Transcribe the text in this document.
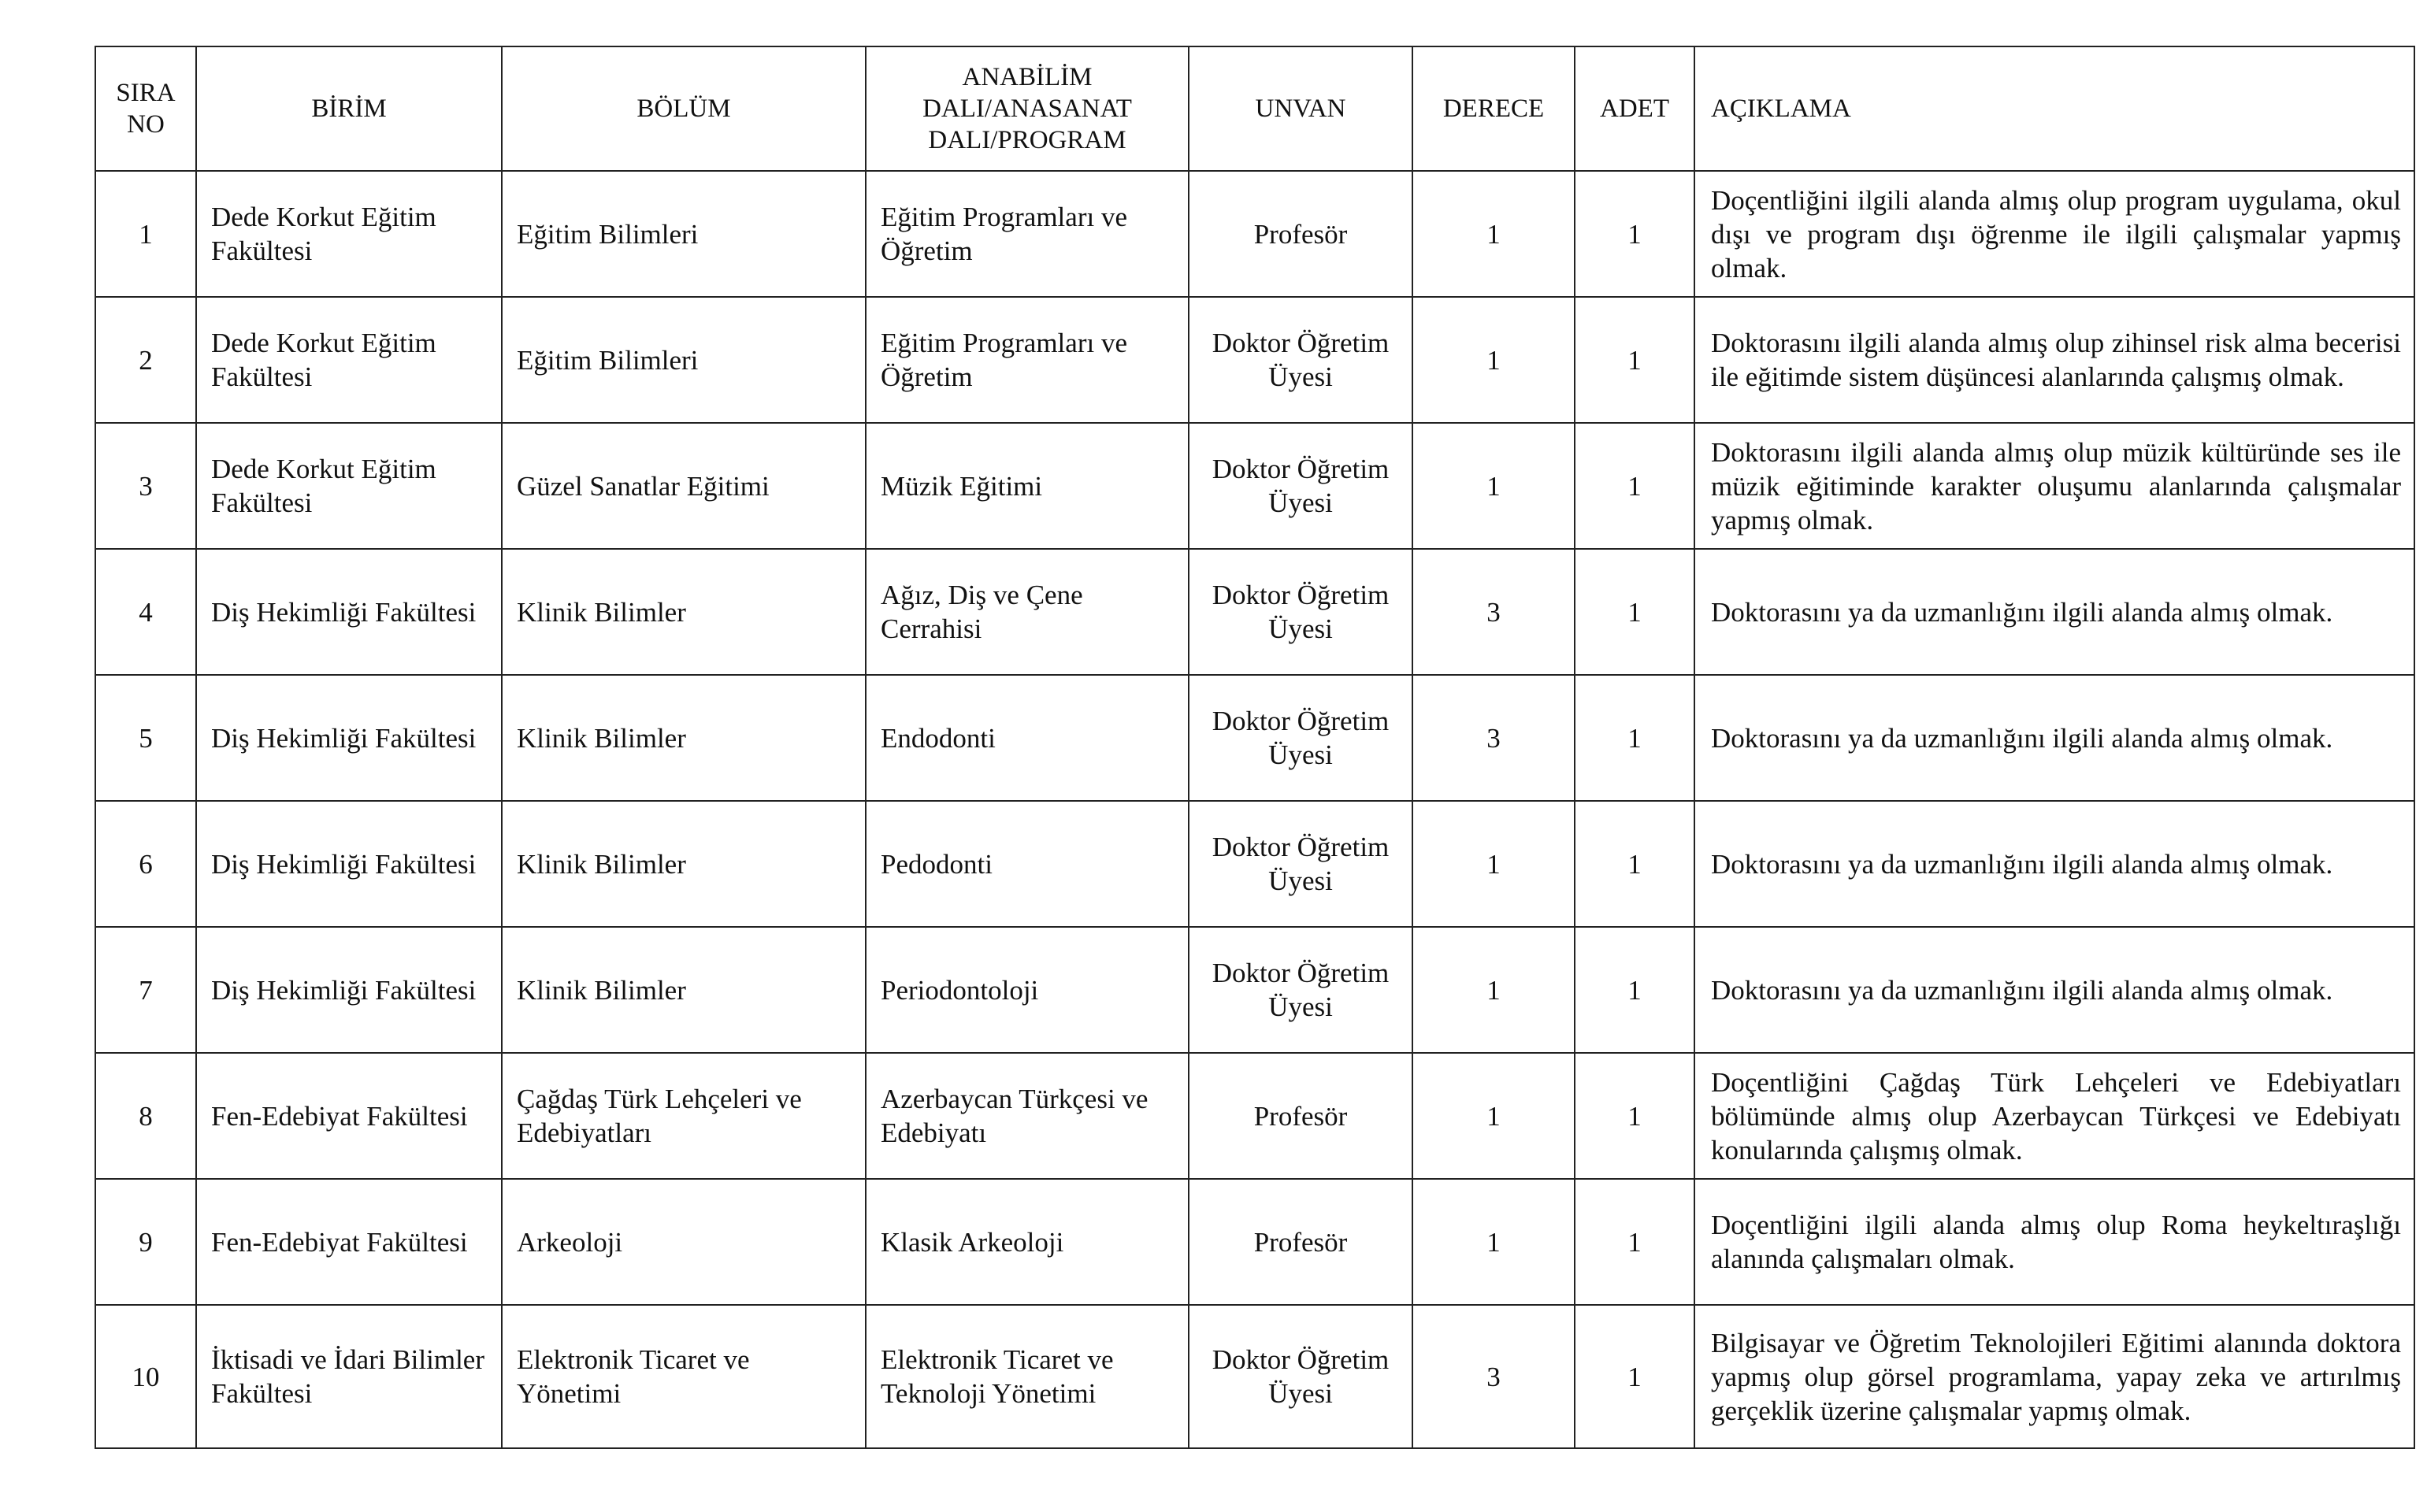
SIRA
NO	BİRİM	BÖLÜM	ANABİLİM
DALI/ANASANAT
DALI/PROGRAM	UNVAN	DERECE	ADET	AÇIKLAMA
1	Dede Korkut Eğitim Fakültesi	Eğitim Bilimleri	Eğitim Programları ve Öğretim	Profesör	1	1	Doçentliğini ilgili alanda almış olup program uygulama, okul dışı ve program dışı öğrenme ile ilgili çalışmalar yapmış olmak.
2	Dede Korkut Eğitim Fakültesi	Eğitim Bilimleri	Eğitim Programları ve Öğretim	Doktor Öğretim Üyesi	1	1	Doktorasını ilgili alanda almış olup zihinsel risk alma becerisi ile eğitimde sistem düşüncesi alanlarında çalışmış olmak.
3	Dede Korkut Eğitim Fakültesi	Güzel Sanatlar Eğitimi	Müzik Eğitimi	Doktor Öğretim Üyesi	1	1	Doktorasını ilgili alanda almış olup müzik kültüründe ses ile müzik eğitiminde karakter oluşumu alanlarında çalışmalar yapmış olmak.
4	Diş Hekimliği Fakültesi	Klinik Bilimler	Ağız, Diş ve Çene Cerrahisi	Doktor Öğretim Üyesi	3	1	Doktorasını ya da uzmanlığını ilgili alanda almış olmak.
5	Diş Hekimliği Fakültesi	Klinik Bilimler	Endodonti	Doktor Öğretim Üyesi	3	1	Doktorasını ya da uzmanlığını ilgili alanda almış olmak.
6	Diş Hekimliği Fakültesi	Klinik Bilimler	Pedodonti	Doktor Öğretim Üyesi	1	1	Doktorasını ya da uzmanlığını ilgili alanda almış olmak.
7	Diş Hekimliği Fakültesi	Klinik Bilimler	Periodontoloji	Doktor Öğretim Üyesi	1	1	Doktorasını ya da uzmanlığını ilgili alanda almış olmak.
8	Fen-Edebiyat Fakültesi	Çağdaş Türk Lehçeleri ve Edebiyatları	Azerbaycan Türkçesi ve Edebiyatı	Profesör	1	1	Doçentliğini Çağdaş Türk Lehçeleri ve Edebiyatları bölümünde almış olup Azerbaycan Türkçesi ve Edebiyatı konularında çalışmış olmak.
9	Fen-Edebiyat Fakültesi	Arkeoloji	Klasik Arkeoloji	Profesör	1	1	Doçentliğini ilgili alanda almış olup Roma heykeltıraşlığı alanında çalışmaları olmak.
10	İktisadi ve İdari Bilimler Fakültesi	Elektronik Ticaret ve Yönetimi	Elektronik Ticaret ve Teknoloji Yönetimi	Doktor Öğretim Üyesi	3	1	Bilgisayar ve Öğretim Teknolojileri Eğitimi alanında doktora yapmış olup görsel programlama, yapay zeka ve artırılmış gerçeklik üzerine çalışmalar yapmış olmak.
